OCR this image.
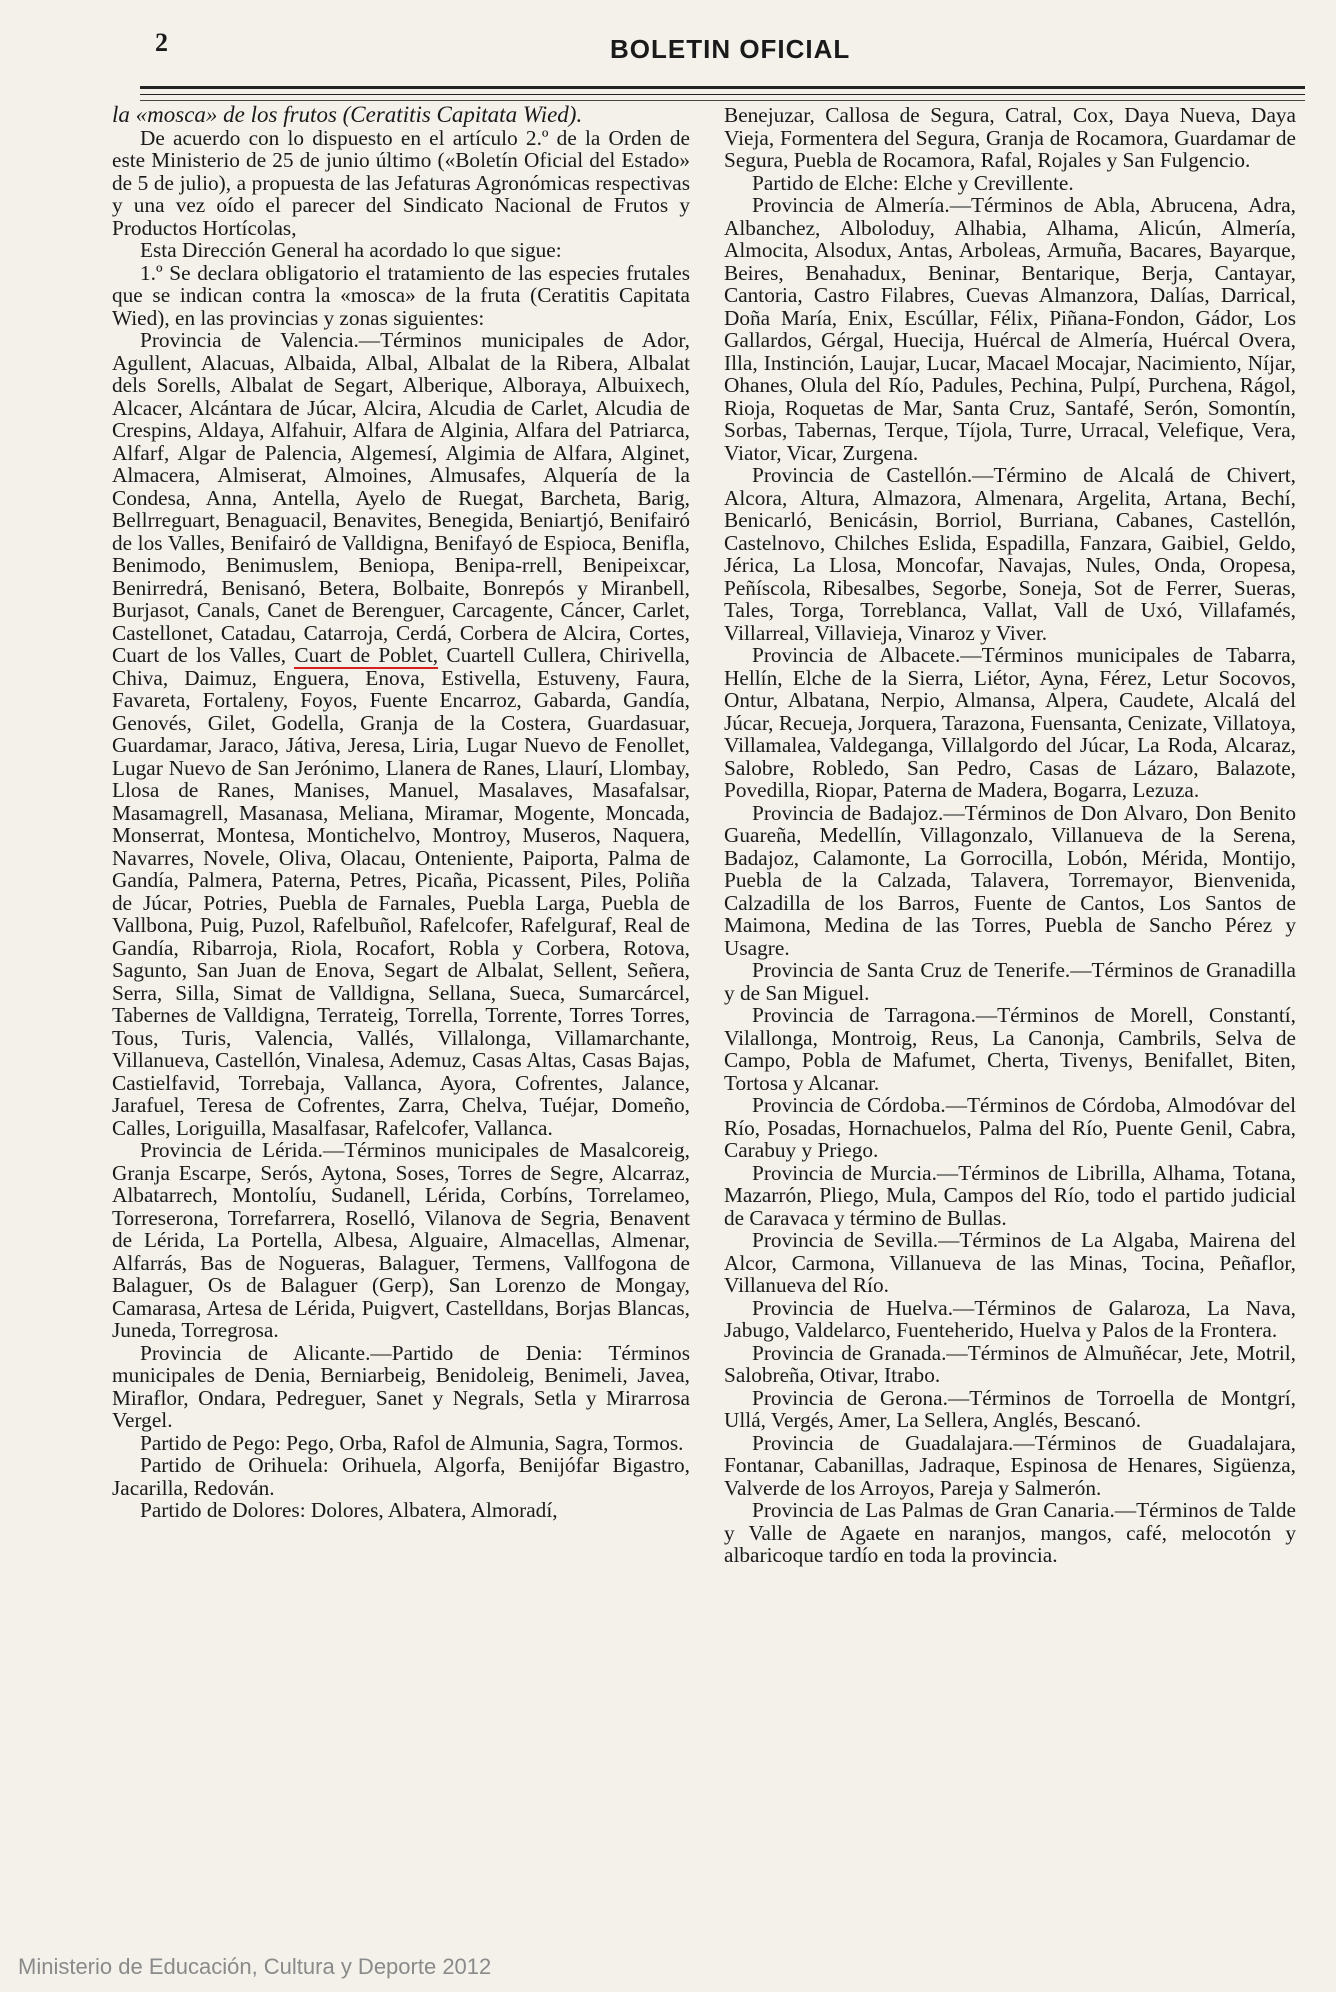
2	BOLETIN OFICIAL

la «mosca» de los frutos (Ceratitis Capitata Wied).

De acuerdo con lo dispuesto en el artículo 2.º de la Orden de este Ministerio de 25 de junio último («Boletín Oficial del Estado» de 5 de julio), a propuesta de las Jefaturas Agronómicas respectivas y una vez oído el parecer del Sindicato Nacional de Frutos y Productos Hortícolas,

Esta Dirección General ha acordado lo que sigue:

1.º Se declara obligatorio el tratamiento de las especies frutales que se indican contra la «mosca» de la fruta (Ceratitis Capitata Wied), en las provincias y zonas siguientes:

Provincia de Valencia.—Términos municipales de Ador, Agullent, Alacuas, Albaida, Albal, Albalat de la Ribera, Albalat dels Sorells, Albalat de Segart, Alberique, Alboraya, Albuixech, Alcacer, Alcántara de Júcar, Alcira, Alcudia de Carlet, Alcudia de Crespins, Aldaya, Alfahuir, Alfara de Alginia, Alfara del Patriarca, Alfarf, Algar de Palencia, Algemesí, Algimia de Alfara, Alginet, Almacera, Almiserat, Almoines, Almusafes, Alquería de la Condesa, Anna, Antella, Ayelo de Ruegat, Barcheta, Barig, Bellrreguart, Benaguacil, Benavites, Benegida, Beniartjó, Benifairó de los Valles, Benifairó de Valldigna, Benifayó de Espioca, Benifla, Benimodo, Benimuslem, Beniopa, Benipa-rrell, Benipeixcar, Benirredrá, Benisanó, Betera, Bolbaite, Bonrepós y Miranbell, Burjasot, Canals, Canet de Berenguer, Carcagente, Cáncer, Carlet, Castellonet, Catadau, Catarroja, Cerdá, Corbera de Alcira, Cortes, Cuart de los Valles, Cuart de Poblet, Cuartell Cullera, Chirivella, Chiva, Daimuz, Enguera, Enova, Estivella, Estuveny, Faura, Favareta, Fortaleny, Foyos, Fuente Encarroz, Gabarda, Gandía, Genovés, Gilet, Godella, Granja de la Costera, Guardasuar, Guardamar, Jaraco, Játiva, Jeresa, Liria, Lugar Nuevo de Fenollet, Lugar Nuevo de San Jerónimo, Llanera de Ranes, Llaurí, Llombay, Llosa de Ranes, Manises, Manuel, Masalaves, Masafalsar, Masamagrell, Masanasa, Meliana, Miramar, Mogente, Moncada, Monserrat, Montesa, Montichelvo, Montroy, Museros, Naquera, Navarres, Novele, Oliva, Olacau, Onteniente, Paiporta, Palma de Gandía, Palmera, Paterna, Petres, Picaña, Picassent, Piles, Poliña de Júcar, Potries, Puebla de Farnales, Puebla Larga, Puebla de Vallbona, Puig, Puzol, Rafelbuñol, Rafelcofer, Rafelguraf, Real de Gandía, Ribarroja, Riola, Rocafort, Robla y Corbera, Rotova, Sagunto, San Juan de Enova, Segart de Albalat, Sellent, Señera, Serra, Silla, Simat de Valldigna, Sellana, Sueca, Sumarcárcel, Tabernes de Valldigna, Terrateig, Torrella, Torrente, Torres Torres, Tous, Turis, Valencia, Vallés, Villalonga, Villamarchante, Villanueva, Castellón, Vinalesa, Ademuz, Casas Altas, Casas Bajas, Castielfavid, Torrebaja, Vallanca, Ayora, Cofrentes, Jalance, Jarafuel, Teresa de Cofrentes, Zarra, Chelva, Tuéjar, Domeño, Calles, Loriguilla, Masalfasar, Rafelcofer, Vallanca.

Provincia de Lérida.—Términos municipales de Masalcoreig, Granja Escarpe, Serós, Aytona, Soses, Torres de Segre, Alcarraz, Albatarrech, Montolíu, Sudanell, Lérida, Corbíns, Torrelameo, Torreserona, Torrefarrera, Roselló, Vilanova de Segria, Benavent de Lérida, La Portella, Albesa, Alguaire, Almacellas, Almenar, Alfarrás, Bas de Nogueras, Balaguer, Termens, Vallfogona de Balaguer, Os de Balaguer (Gerp), San Lorenzo de Mongay, Camarasa, Artesa de Lérida, Puigvert, Castelldans, Borjas Blancas, Juneda, Torregrosa.

Provincia de Alicante.—Partido de Denia: Términos municipales de Denia, Berniarbeig, Benidoleig, Benimeli, Javea, Miraflor, Ondara, Pedreguer, Sanet y Negrals, Setla y Mirarrosa Vergel.

Partido de Pego: Pego, Orba, Rafol de Almunia, Sagra, Tormos.

Partido de Orihuela: Orihuela, Algorfa, Benijófar Bigastro, Jacarilla, Redován.

Partido de Dolores: Dolores, Albatera, Almoradí,

Benejuzar, Callosa de Segura, Catral, Cox, Daya Nueva, Daya Vieja, Formentera del Segura, Granja de Rocamora, Guardamar de Segura, Puebla de Rocamora, Rafal, Rojales y San Fulgencio.

Partido de Elche: Elche y Crevillente.

Provincia de Almería.—Términos de Abla, Abrucena, Adra, Albanchez, Alboloduy, Alhabia, Alhama, Alicún, Almería, Almocita, Alsodux, Antas, Arboleas, Armuña, Bacares, Bayarque, Beires, Benahadux, Beninar, Bentarique, Berja, Cantayar, Cantoria, Castro Filabres, Cuevas Almanzora, Dalías, Darrical, Doña María, Enix, Escúllar, Félix, Piñana-Fondon, Gádor, Los Gallardos, Gérgal, Huecija, Huércal de Almería, Huércal Overa, Illa, Instinción, Laujar, Lucar, Macael Mocajar, Nacimiento, Níjar, Ohanes, Olula del Río, Padules, Pechina, Pulpí, Purchena, Rágol, Rioja, Roquetas de Mar, Santa Cruz, Santafé, Serón, Somontín, Sorbas, Tabernas, Terque, Tíjola, Turre, Urracal, Velefique, Vera, Viator, Vicar, Zurgena.

Provincia de Castellón.—Término de Alcalá de Chivert, Alcora, Altura, Almazora, Almenara, Argelita, Artana, Bechí, Benicarló, Benicásin, Borriol, Burriana, Cabanes, Castellón, Castelnovo, Chilches Eslida, Espadilla, Fanzara, Gaibiel, Geldo, Jérica, La Llosa, Moncofar, Navajas, Nules, Onda, Oropesa, Peñíscola, Ribesalbes, Segorbe, Soneja, Sot de Ferrer, Sueras, Tales, Torga, Torreblanca, Vallat, Vall de Uxó, Villafamés, Villarreal, Villavieja, Vinaroz y Viver.

Provincia de Albacete.—Términos municipales de Tabarra, Hellín, Elche de la Sierra, Liétor, Ayna, Férez, Letur Socovos, Ontur, Albatana, Nerpio, Almansa, Alpera, Caudete, Alcalá del Júcar, Recueja, Jorquera, Tarazona, Fuensanta, Cenizate, Villatoya, Villamalea, Valdeganga, Villalgordo del Júcar, La Roda, Alcaraz, Salobre, Robledo, San Pedro, Casas de Lázaro, Balazote, Povedilla, Riopar, Paterna de Madera, Bogarra, Lezuza.

Provincia de Badajoz.—Términos de Don Alvaro, Don Benito Guareña, Medellín, Villagonzalo, Villanueva de la Serena, Badajoz, Calamonte, La Gorrocilla, Lobón, Mérida, Montijo, Puebla de la Calzada, Talavera, Torremayor, Bienvenida, Calzadilla de los Barros, Fuente de Cantos, Los Santos de Maimona, Medina de las Torres, Puebla de Sancho Pérez y Usagre.

Provincia de Santa Cruz de Tenerife.—Términos de Granadilla y de San Miguel.

Provincia de Tarragona.—Términos de Morell, Constantí, Vilallonga, Montroig, Reus, La Canonja, Cambrils, Selva de Campo, Pobla de Mafumet, Cherta, Tivenys, Benifallet, Biten, Tortosa y Alcanar.

Provincia de Córdoba.—Términos de Córdoba, Almodóvar del Río, Posadas, Hornachuelos, Palma del Río, Puente Genil, Cabra, Carabuy y Priego.

Provincia de Murcia.—Términos de Librilla, Alhama, Totana, Mazarrón, Pliego, Mula, Campos del Río, todo el partido judicial de Caravaca y término de Bullas.

Provincia de Sevilla.—Términos de La Algaba, Mairena del Alcor, Carmona, Villanueva de las Minas, Tocina, Peñaflor, Villanueva del Río.

Provincia de Huelva.—Términos de Galaroza, La Nava, Jabugo, Valdelarco, Fuenteherido, Huelva y Palos de la Frontera.

Provincia de Granada.—Términos de Almuñécar, Jete, Motril, Salobreña, Otivar, Itrabo.

Provincia de Gerona.—Términos de Torroella de Montgrí, Ullá, Vergés, Amer, La Sellera, Anglés, Bescanó.

Provincia de Guadalajara.—Términos de Guadalajara, Fontanar, Cabanillas, Jadraque, Espinosa de Henares, Sigüenza, Valverde de los Arroyos, Pareja y Salmerón.

Provincia de Las Palmas de Gran Canaria.—Términos de Talde y Valle de Agaete en naranjos, mangos, café, melocotón y albaricoque tardío en toda la provincia.

Ministerio de Educación, Cultura y Deporte 2012
